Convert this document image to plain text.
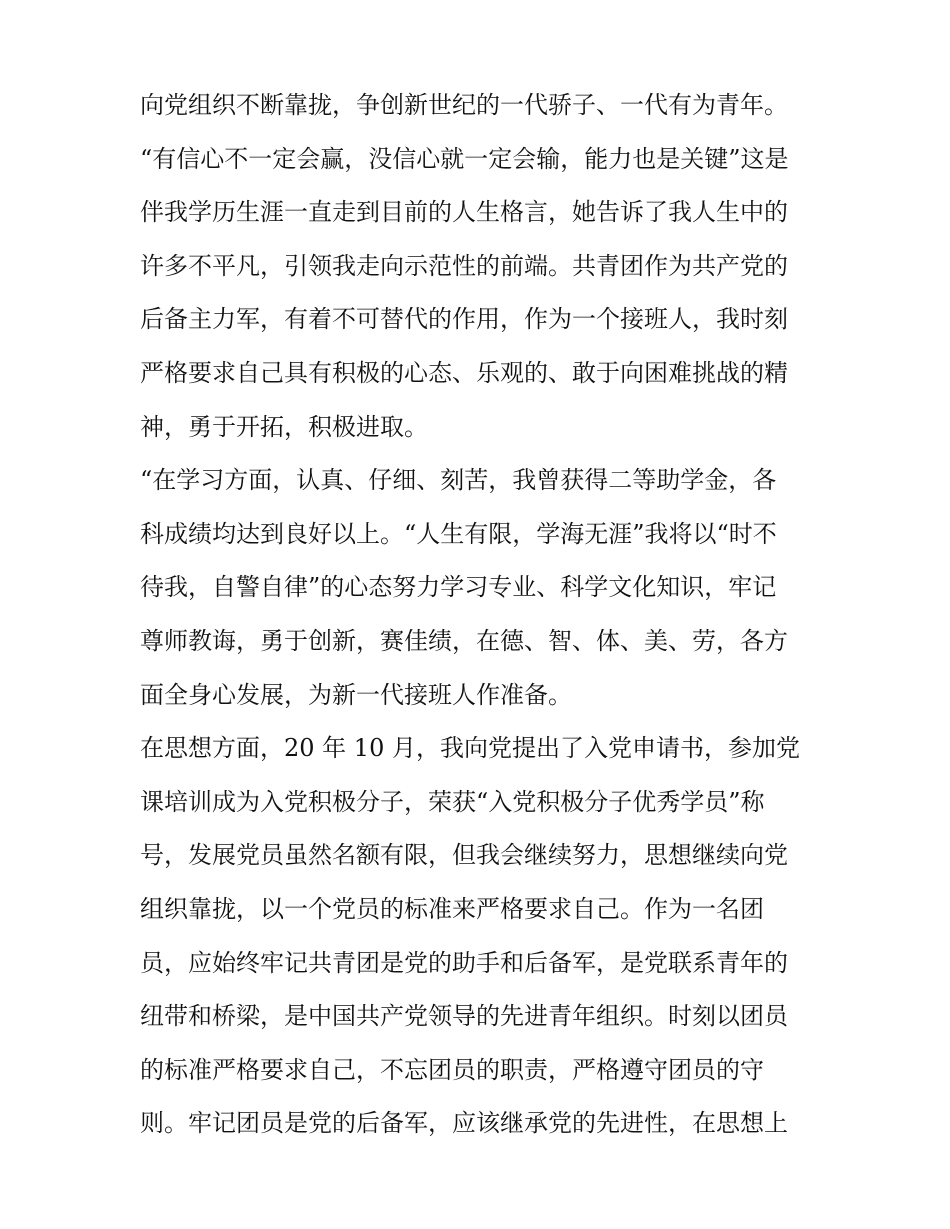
向党组织不断靠拢，争创新世纪的一代骄子、一代有为青年。
“有信心不一定会赢，没信心就一定会输，能力也是关键”这是
伴我学历生涯一直走到目前的人生格言，她告诉了我人生中的
许多不平凡，引领我走向示范性的前端。共青团作为共产党的
后备主力军，有着不可替代的作用，作为一个接班人，我时刻
严格要求自己具有积极的心态、乐观的、敢于向困难挑战的精
神，勇于开拓，积极进取。
“在学习方面，认真、仔细、刻苦，我曾获得二等助学金，各
科成绩均达到良好以上。“人生有限，学海无涯”我将以“时不
待我，自警自律”的心态努力学习专业、科学文化知识，牢记
尊师教诲，勇于创新，赛佳绩，在德、智、体、美、劳，各方
面全身心发展，为新一代接班人作准备。
在思想方面，20 年 10 月，我向党提出了入党申请书，参加党
课培训成为入党积极分子，荣获“入党积极分子优秀学员”称
号，发展党员虽然名额有限，但我会继续努力，思想继续向党
组织靠拢，以一个党员的标准来严格要求自己。作为一名团
员，应始终牢记共青团是党的助手和后备军，是党联系青年的
纽带和桥梁，是中国共产党领导的先进青年组织。时刻以团员
的标准严格要求自己，不忘团员的职责，严格遵守团员的守
则。牢记团员是党的后备军，应该继承党的先进性，在思想上
